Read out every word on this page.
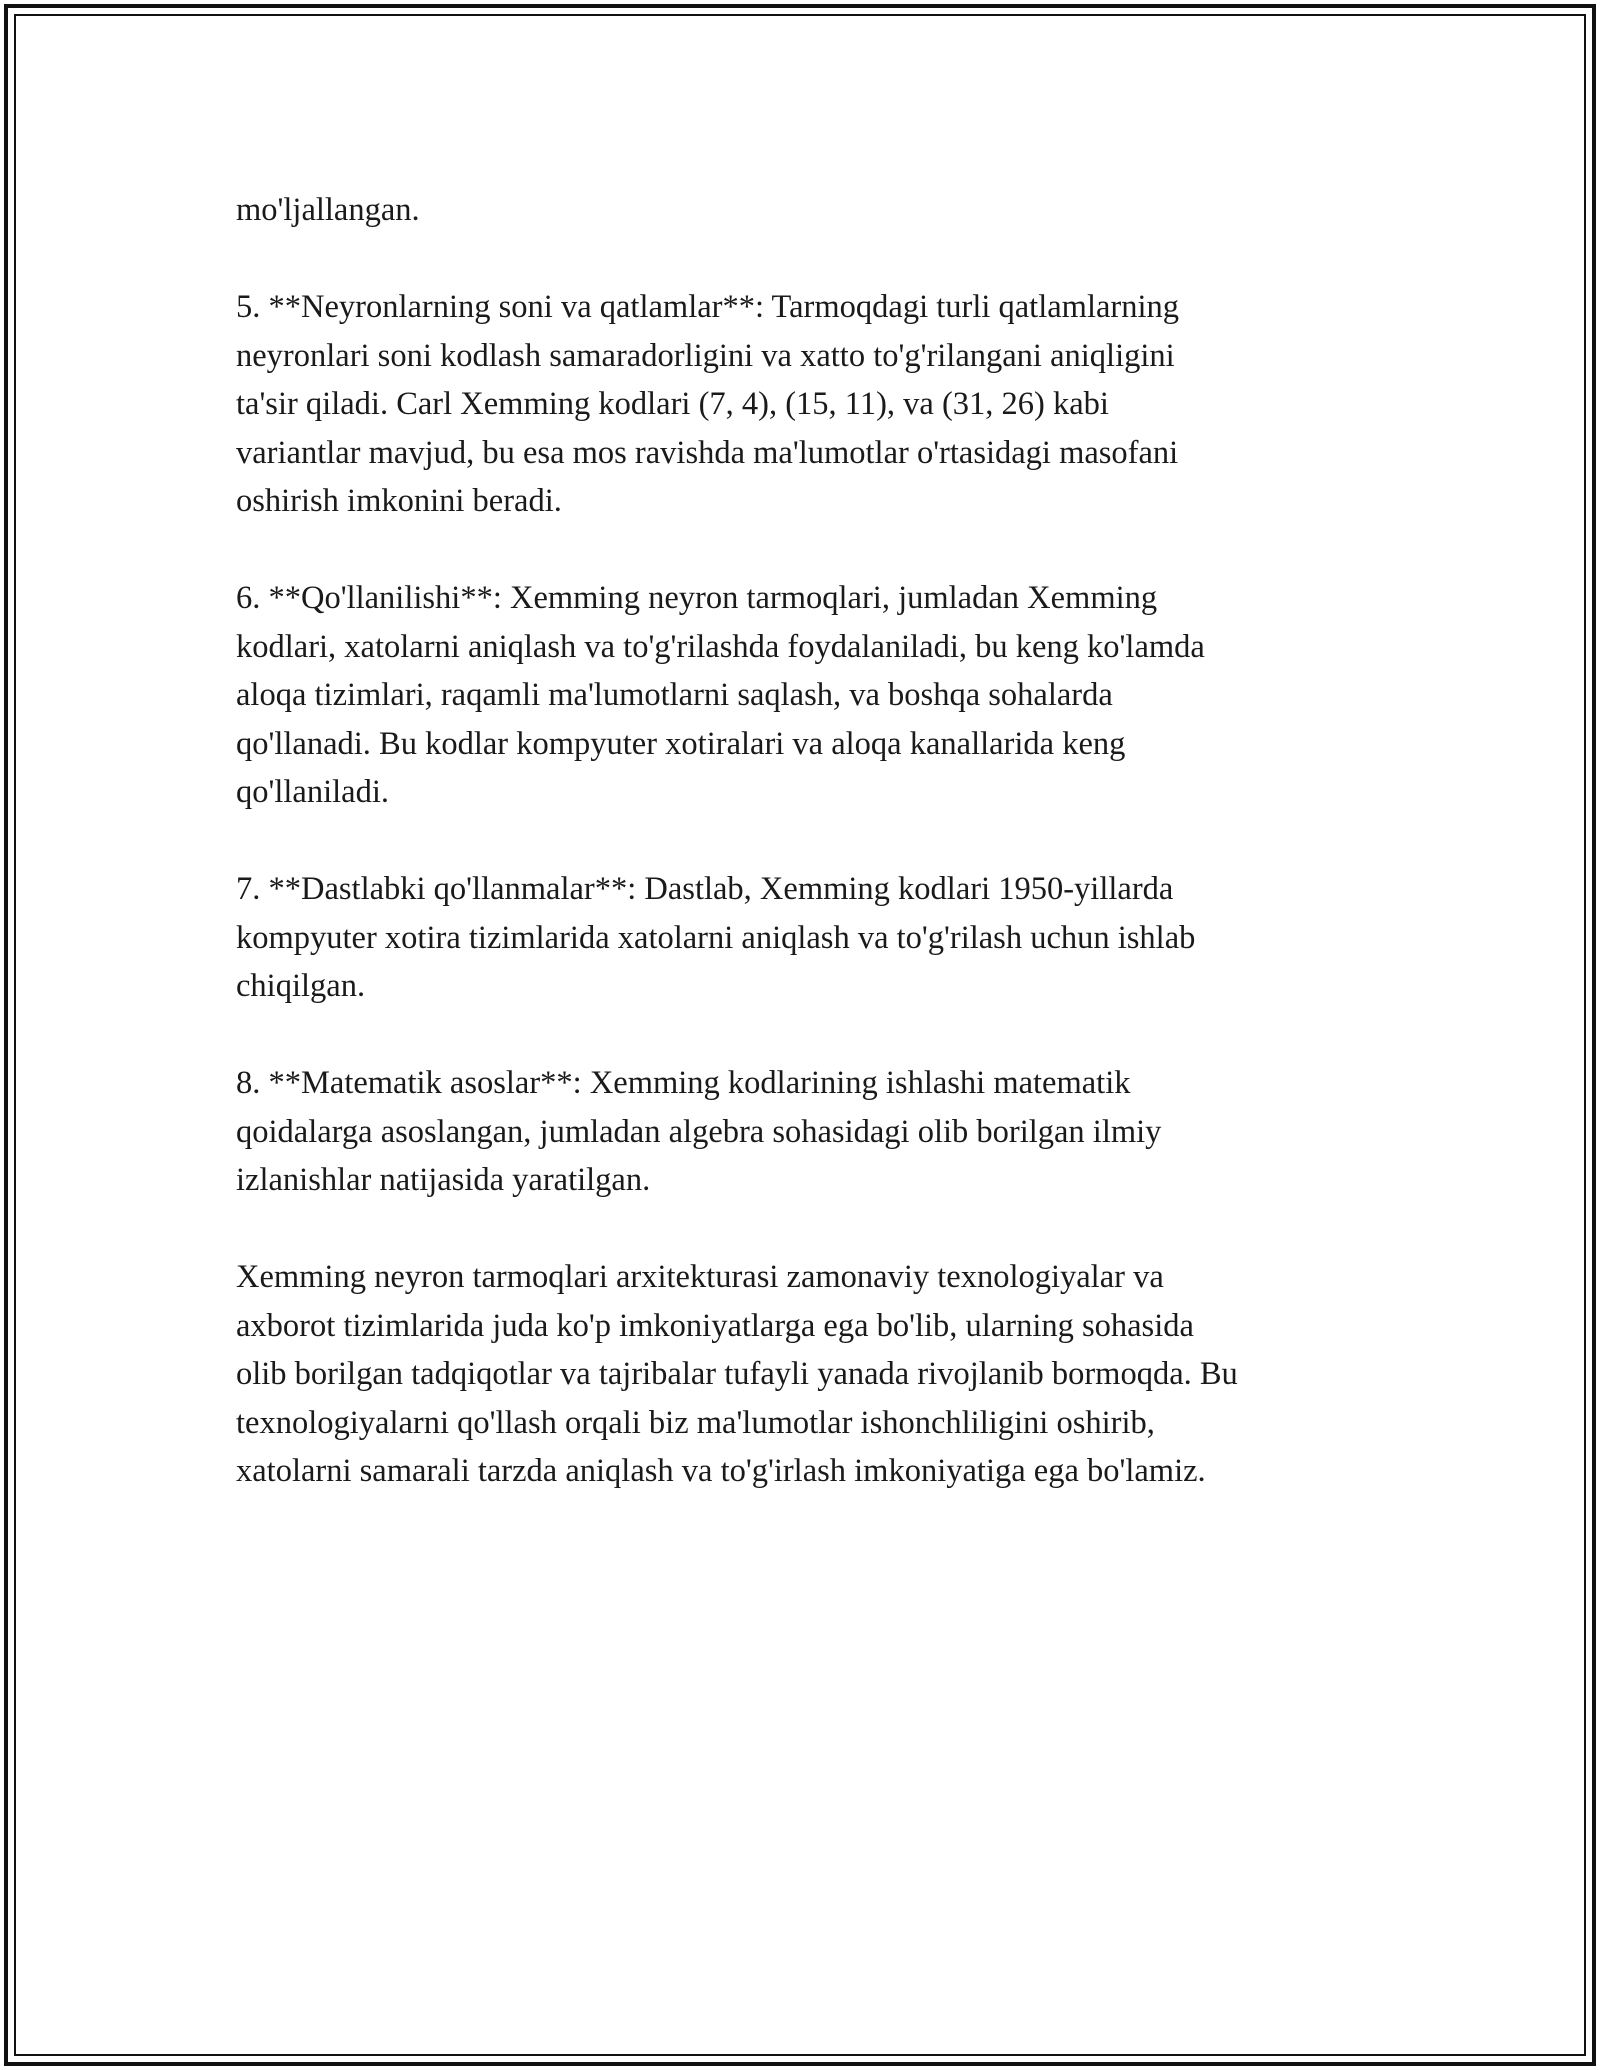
mo'ljallangan.

5. **Neyronlarning soni va qatlamlar**: Tarmoqdagi turli qatlamlarning
neyronlari soni kodlash samaradorligini va xatto to'g'rilangani aniqligini
ta'sir qiladi. Carl Xemming kodlari (7, 4), (15, 11), va (31, 26) kabi
variantlar mavjud, bu esa mos ravishda ma'lumotlar o'rtasidagi masofani
oshirish imkonini beradi.

6. **Qo'llanilishi**: Xemming neyron tarmoqlari, jumladan Xemming
kodlari, xatolarni aniqlash va to'g'rilashda foydalaniladi, bu keng ko'lamda
aloqa tizimlari, raqamli ma'lumotlarni saqlash, va boshqa sohalarda
qo'llanadi. Bu kodlar kompyuter xotiralari va aloqa kanallarida keng
qo'llaniladi.

7. **Dastlabki qo'llanmalar**: Dastlab, Xemming kodlari 1950-yillarda
kompyuter xotira tizimlarida xatolarni aniqlash va to'g'rilash uchun ishlab
chiqilgan.

8. **Matematik asoslar**: Xemming kodlarining ishlashi matematik
qoidalarga asoslangan, jumladan algebra sohasidagi olib borilgan ilmiy
izlanishlar natijasida yaratilgan.

Xemming neyron tarmoqlari arxitekturasi zamonaviy texnologiyalar va
axborot tizimlarida juda ko'p imkoniyatlarga ega bo'lib, ularning sohasida
olib borilgan tadqiqotlar va tajribalar tufayli yanada rivojlanib bormoqda. Bu
texnologiyalarni qo'llash orqali biz ma'lumotlar ishonchliligini oshirib,
xatolarni samarali tarzda aniqlash va to'g'irlash imkoniyatiga ega bo'lamiz.
